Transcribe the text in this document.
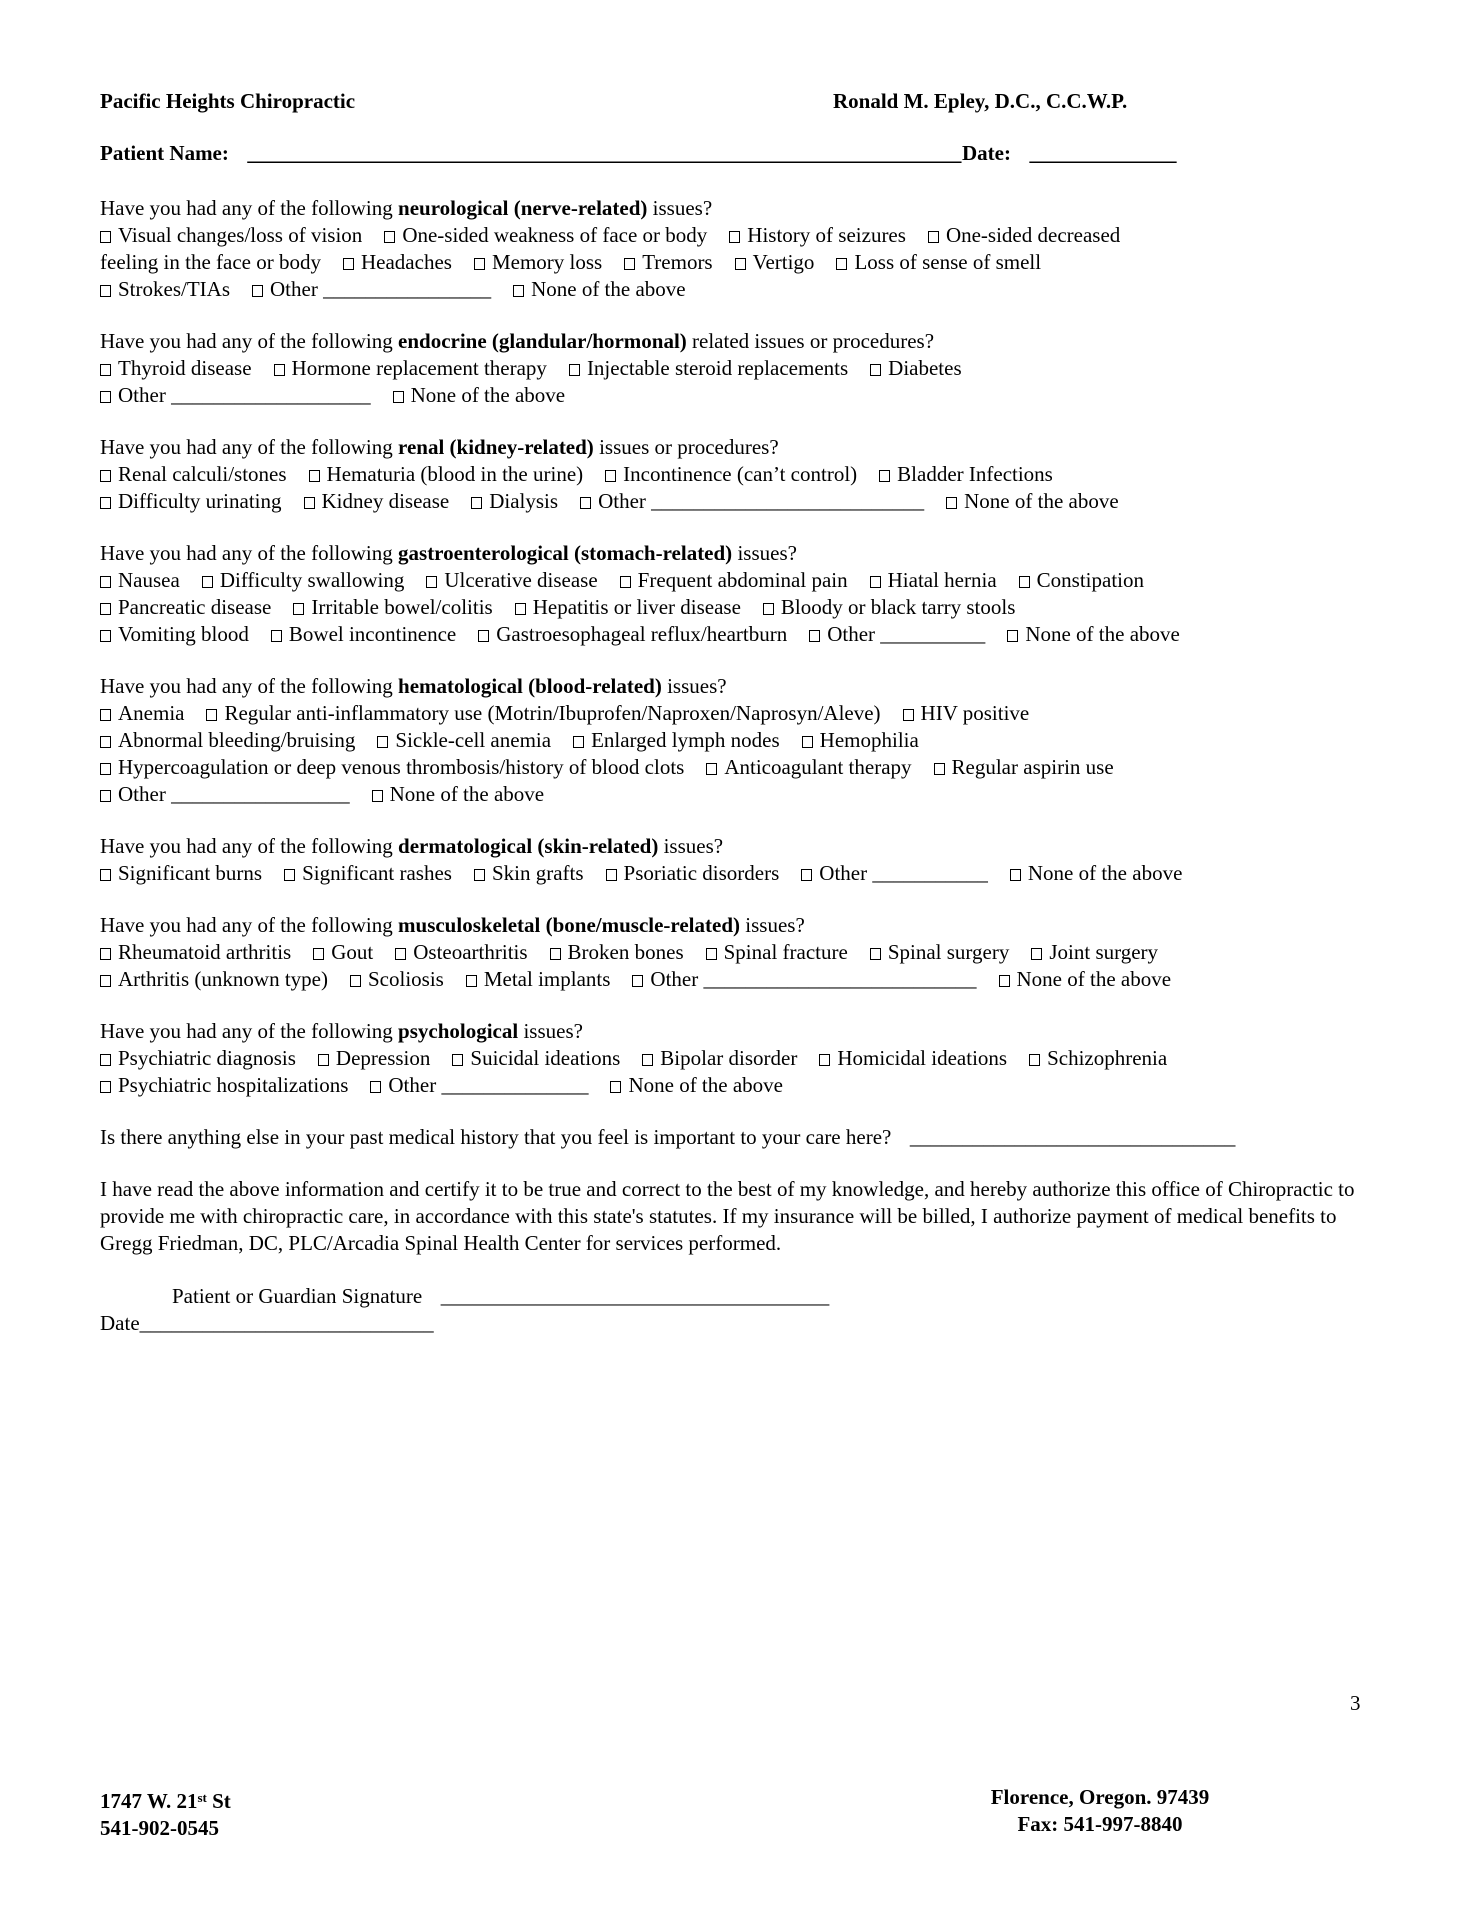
Pacific Heights Chiropractic	Ronald M. Epley, D.C., C.C.W.P.
Patient Name: ____________________________________________________________________ Date: ______________
Have you had any of the following neurological (nerve-related) issues?
Visual changes/loss of vision One-sided weakness of face or body History of seizures One-sided decreased
feeling in the face or body Headaches Memory loss Tremors Vertigo Loss of sense of smell
Strokes/TIAs Other ________________ None of the above
Have you had any of the following endocrine (glandular/hormonal) related issues or procedures?
Thyroid disease Hormone replacement therapy Injectable steroid replacements Diabetes
Other ___________________ None of the above
Have you had any of the following renal (kidney-related) issues or procedures?
Renal calculi/stones Hematuria (blood in the urine) Incontinence (can’t control) Bladder Infections
Difficulty urinating Kidney disease Dialysis Other __________________________ None of the above
Have you had any of the following gastroenterological (stomach-related) issues?
Nausea Difficulty swallowing Ulcerative disease Frequent abdominal pain Hiatal hernia Constipation
Pancreatic disease Irritable bowel/colitis Hepatitis or liver disease Bloody or black tarry stools
Vomiting blood Bowel incontinence Gastroesophageal reflux/heartburn Other __________ None of the above
Have you had any of the following hematological (blood-related) issues?
Anemia Regular anti-inflammatory use (Motrin/Ibuprofen/Naproxen/Naprosyn/Aleve) HIV positive
Abnormal bleeding/bruising Sickle-cell anemia Enlarged lymph nodes Hemophilia
Hypercoagulation or deep venous thrombosis/history of blood clots Anticoagulant therapy Regular aspirin use
Other _________________ None of the above
Have you had any of the following dermatological (skin-related) issues?
Significant burns Significant rashes Skin grafts Psoriatic disorders Other ___________ None of the above
Have you had any of the following musculoskeletal (bone/muscle-related) issues?
Rheumatoid arthritis Gout Osteoarthritis Broken bones Spinal fracture Spinal surgery Joint surgery
Arthritis (unknown type) Scoliosis Metal implants Other __________________________ None of the above
Have you had any of the following psychological issues?
Psychiatric diagnosis Depression Suicidal ideations Bipolar disorder Homicidal ideations Schizophrenia
Psychiatric hospitalizations Other ______________ None of the above
Is there anything else in your past medical history that you feel is important to your care here? _______________________________
I have read the above information and certify it to be true and correct to the best of my knowledge, and hereby authorize this office of Chiropractic to provide me with chiropractic care, in accordance with this state's statutes. If my insurance will be billed, I authorize payment of medical benefits to Gregg Friedman, DC, PLC/Arcadia Spinal Health Center for services performed.
Patient or Guardian Signature _____________________________________
Date____________________________
3
1747 W. 21st St
541-902-0545
Florence, Oregon. 97439
Fax: 541-997-8840
